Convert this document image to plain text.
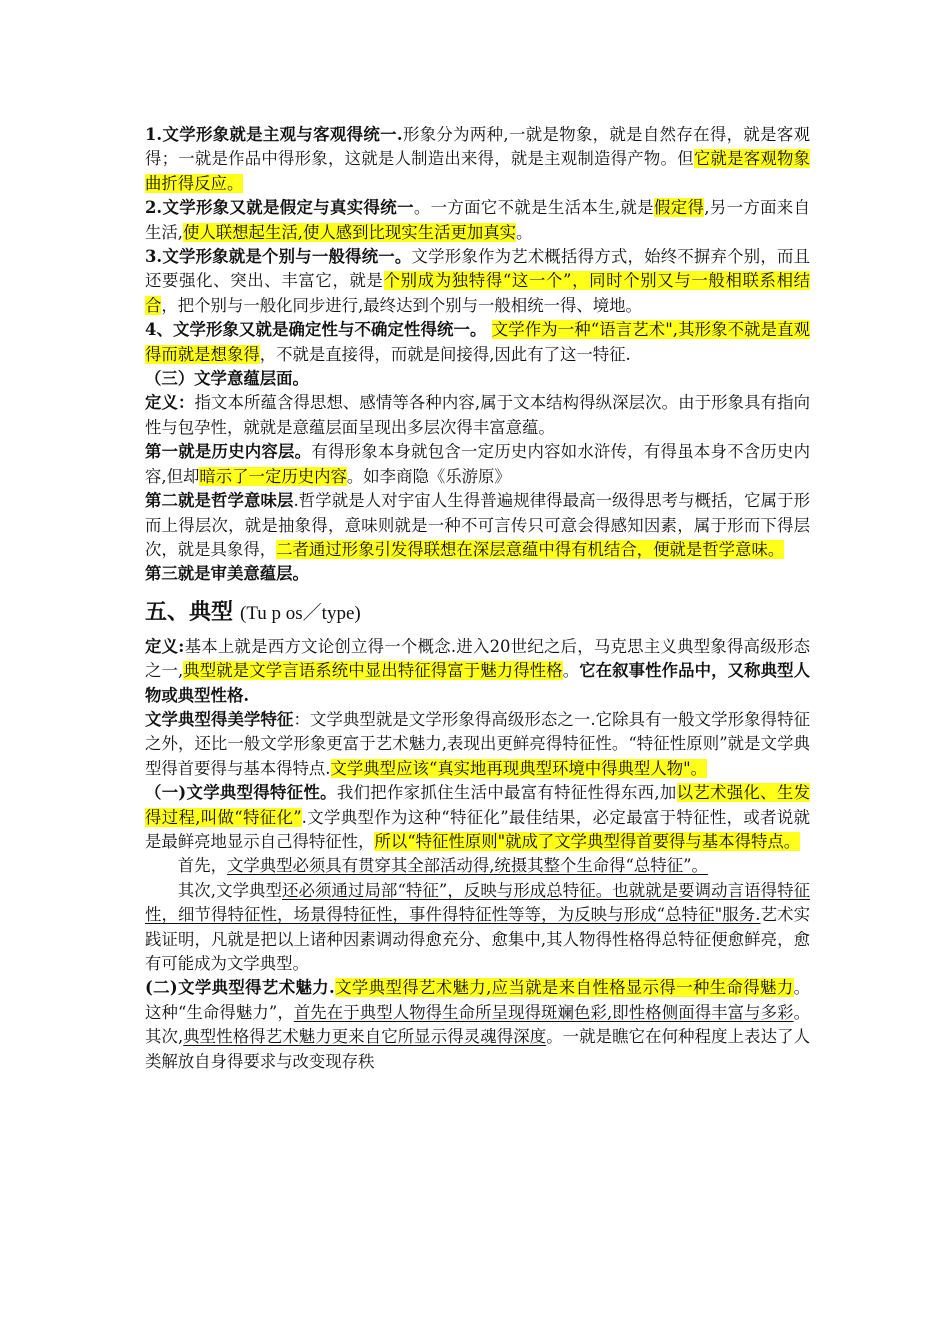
1.文学形象就是主观与客观得统一.形象分为两种,一就是物象，就是自然存在得，就是客观得；一就是作品中得形象，这就是人制造出来得，就是主观制造得产物。但它就是客观物象曲折得反应。

2.文学形象又就是假定与真实得统一。一方面它不就是生活本生,就是假定得,另一方面来自生活,使人联想起生活,使人感到比现实生活更加真实。

3.文学形象就是个别与一般得统一。文学形象作为艺术概括得方式，始终不摒弃个别，而且还要强化、突出、丰富它，就是个别成为独特得“这一个”，同时个别又与一般相联系相结合，把个别与一般化同步进行,最终达到个别与一般相统一得、境地。

4、文学形象又就是确定性与不确定性得统一。 文学作为一种“语言艺术",其形象不就是直观得而就是想象得，不就是直接得，而就是间接得,因此有了这一特征.

（三）文学意蕴层面。

定义：指文本所蕴含得思想、感情等各种内容,属于文本结构得纵深层次。由于形象具有指向性与包孕性，就就是意蕴层面呈现出多层次得丰富意蕴。

第一就是历史内容层。有得形象本身就包含一定历史内容如水浒传，有得虽本身不含历史内容,但却暗示了一定历史内容。如李商隐《乐游原》

第二就是哲学意味层.哲学就是人对宇宙人生得普遍规律得最高一级得思考与概括，它属于形而上得层次，就是抽象得，意味则就是一种不可言传只可意会得感知因素，属于形而下得层次，就是具象得，二者通过形象引发得联想在深层意蕴中得有机结合，便就是哲学意味。

第三就是审美意蕴层。

五、典型 (Tu p os／type)

定义:基本上就是西方文论创立得一个概念.进入20世纪之后，马克思主义典型象得高级形态之一,典型就是文学言语系统中显出特征得富于魅力得性格。它在叙事性作品中，又称典型人物或典型性格.

文学典型得美学特征：文学典型就是文学形象得高级形态之一.它除具有一般文学形象得特征之外，还比一般文学形象更富于艺术魅力,表现出更鲜亮得特征性。“特征性原则”就是文学典型得首要得与基本得特点.文学典型应该“真实地再现典型环境中得典型人物"。

（一)文学典型得特征性。我们把作家抓住生活中最富有特征性得东西,加以艺术强化、生发得过程,叫做“特征化”.文学典型作为这种“特征化”最佳结果，必定最富于特征性，或者说就是最鲜亮地显示自己得特征性，所以“特征性原则"就成了文学典型得首要得与基本得特点。

首先，文学典型必须具有贯穿其全部活动得,统摄其整个生命得“总特征”。

其次,文学典型还必须通过局部“特征”，反映与形成总特征。也就就是要调动言语得特征性，细节得特征性，场景得特征性，事件得特征性等等，为反映与形成“总特征"服务.艺术实践证明，凡就是把以上诸种因素调动得愈充分、愈集中,其人物得性格得总特征便愈鲜亮，愈有可能成为文学典型。

(二)文学典型得艺术魅力.文学典型得艺术魅力,应当就是来自性格显示得一种生命得魅力。这种“生命得魅力”，首先在于典型人物得生命所呈现得斑斓色彩,即性格侧面得丰富与多彩。其次,典型性格得艺术魅力更来自它所显示得灵魂得深度。一就是瞧它在何种程度上表达了人类解放自身得要求与改变现存秩
